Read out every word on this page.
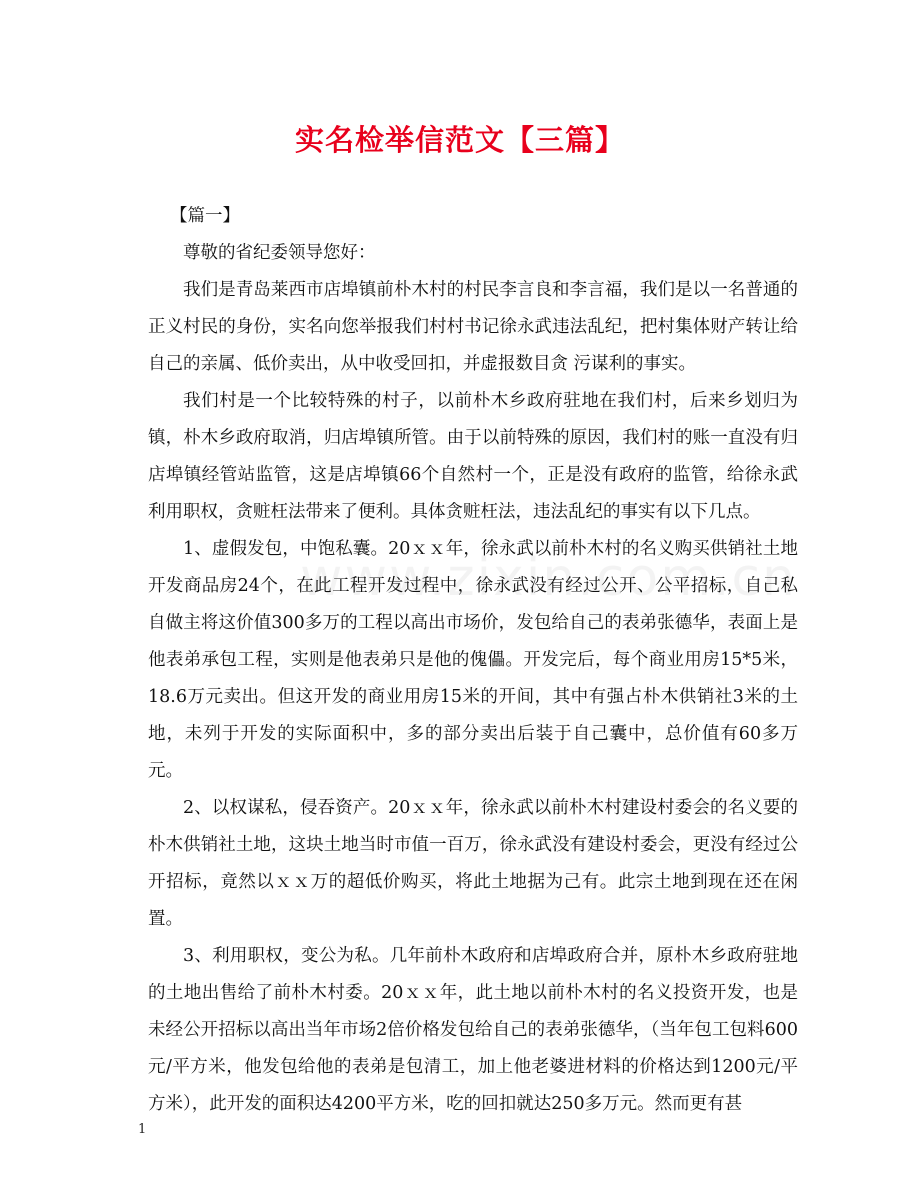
实名检举信范文【三篇】

【篇一】

尊敬的省纪委领导您好：

我们是青岛莱西市店埠镇前朴木村的村民李言良和李言福，我们是以一名普通的正义村民的身份，实名向您举报我们村村书记徐永武违法乱纪，把村集体财产转让给自己的亲属、低价卖出，从中收受回扣，并虚报数目贪 污谋利的事实。

我们村是一个比较特殊的村子，以前朴木乡政府驻地在我们村，后来乡划归为镇，朴木乡政府取消，归店埠镇所管。由于以前特殊的原因，我们村的账一直没有归店埠镇经管站监管，这是店埠镇66个自然村一个，正是没有政府的监管，给徐永武利用职权，贪赃枉法带来了便利。具体贪赃枉法，违法乱纪的事实有以下几点。

1、虚假发包，中饱私囊。20ｘｘ年，徐永武以前朴木村的名义购买供销社土地开发商品房24个，在此工程开发过程中，徐永武没有经过公开、公平招标，自己私自做主将这价值300多万的工程以高出市场价，发包给自己的表弟张德华，表面上是他表弟承包工程，实则是他表弟只是他的傀儡。开发完后，每个商业用房15*5米，18.6万元卖出。但这开发的商业用房15米的开间，其中有强占朴木供销社3米的土地，未列于开发的实际面积中，多的部分卖出后装于自己囊中，总价值有60多万元。

2、以权谋私，侵吞资产。20ｘｘ年，徐永武以前朴木村建设村委会的名义要的朴木供销社土地，这块土地当时市值一百万，徐永武没有建设村委会，更没有经过公开招标，竟然以ｘｘ万的超低价购买，将此土地据为己有。此宗土地到现在还在闲置。

3、利用职权，变公为私。几年前朴木政府和店埠政府合并，原朴木乡政府驻地的土地出售给了前朴木村委。20ｘｘ年，此土地以前朴木村的名义投资开发，也是未经公开招标以高出当年市场2倍价格发包给自己的表弟张德华，（当年包工包料600元/平方米，他发包给他的表弟是包清工，加上他老婆进材料的价格达到1200元/平方米），此开发的面积达4200平方米，吃的回扣就达250多万元。然而更有甚

1
